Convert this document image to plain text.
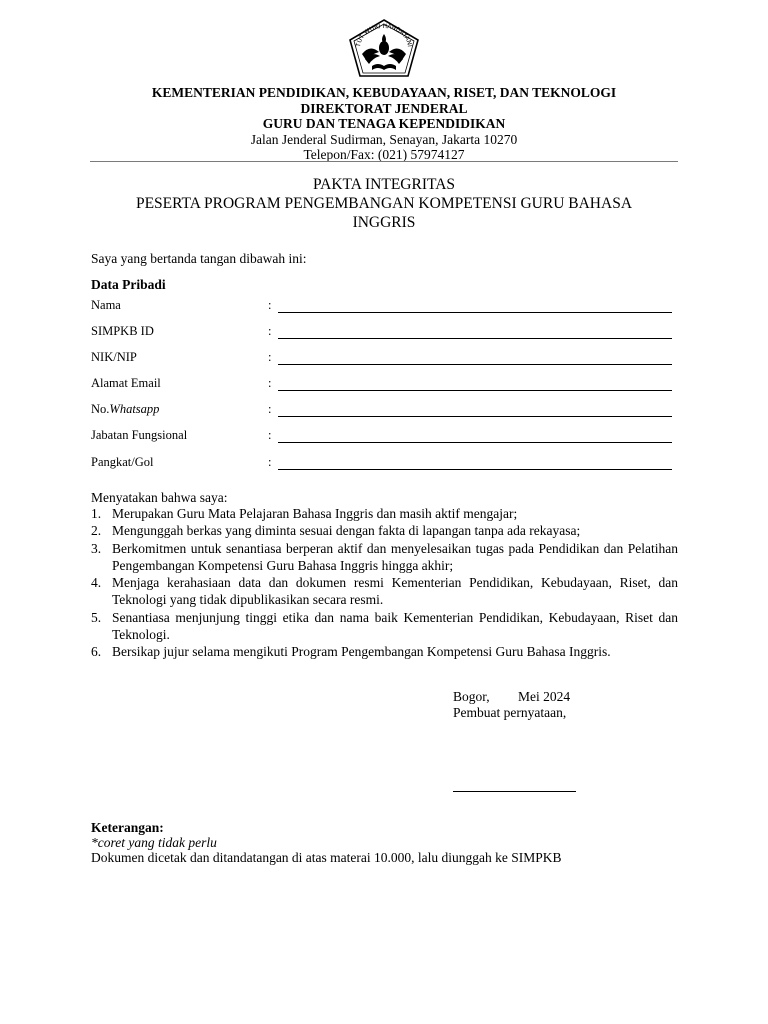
TUT WURI HANDAYANI
KEMENTERIAN PENDIDIKAN, KEBUDAYAAN, RISET, DAN TEKNOLOGI
DIREKTORAT JENDERAL
GURU DAN TENAGA KEPENDIDIKAN
Jalan Jenderal Sudirman, Senayan, Jakarta 10270
Telepon/Fax: (021) 57974127
PAKTA INTEGRITAS
PESERTA PROGRAM PENGEMBANGAN KOMPETENSI GURU BAHASA
INGGRIS
Saya yang bertanda tangan dibawah ini:
Data Pribadi
Nama	:
SIMPKB ID	:
NIK/NIP	:
Alamat Email	:
No.Whatsapp	:
Jabatan Fungsional	:
Pangkat/Gol	:
Menyatakan bahwa saya:
1. Merupakan Guru Mata Pelajaran Bahasa Inggris dan masih aktif mengajar;
2. Mengunggah berkas yang diminta sesuai dengan fakta di lapangan tanpa ada rekayasa;
3. Berkomitmen untuk senantiasa berperan aktif dan menyelesaikan tugas pada Pendidikan dan Pelatihan Pengembangan Kompetensi Guru Bahasa Inggris hingga akhir;
4. Menjaga kerahasiaan data dan dokumen resmi Kementerian Pendidikan, Kebudayaan, Riset, dan Teknologi yang tidak dipublikasikan secara resmi.
5. Senantiasa menjunjung tinggi etika dan nama baik Kementerian Pendidikan, Kebudayaan, Riset dan Teknologi.
6. Bersikap jujur selama mengikuti Program Pengembangan Kompetensi Guru Bahasa Inggris.
Bogor, Mei 2024
Pembuat pernyataan,
Keterangan:
*coret yang tidak perlu
Dokumen dicetak dan ditandatangan di atas materai 10.000, lalu diunggah ke SIMPKB
